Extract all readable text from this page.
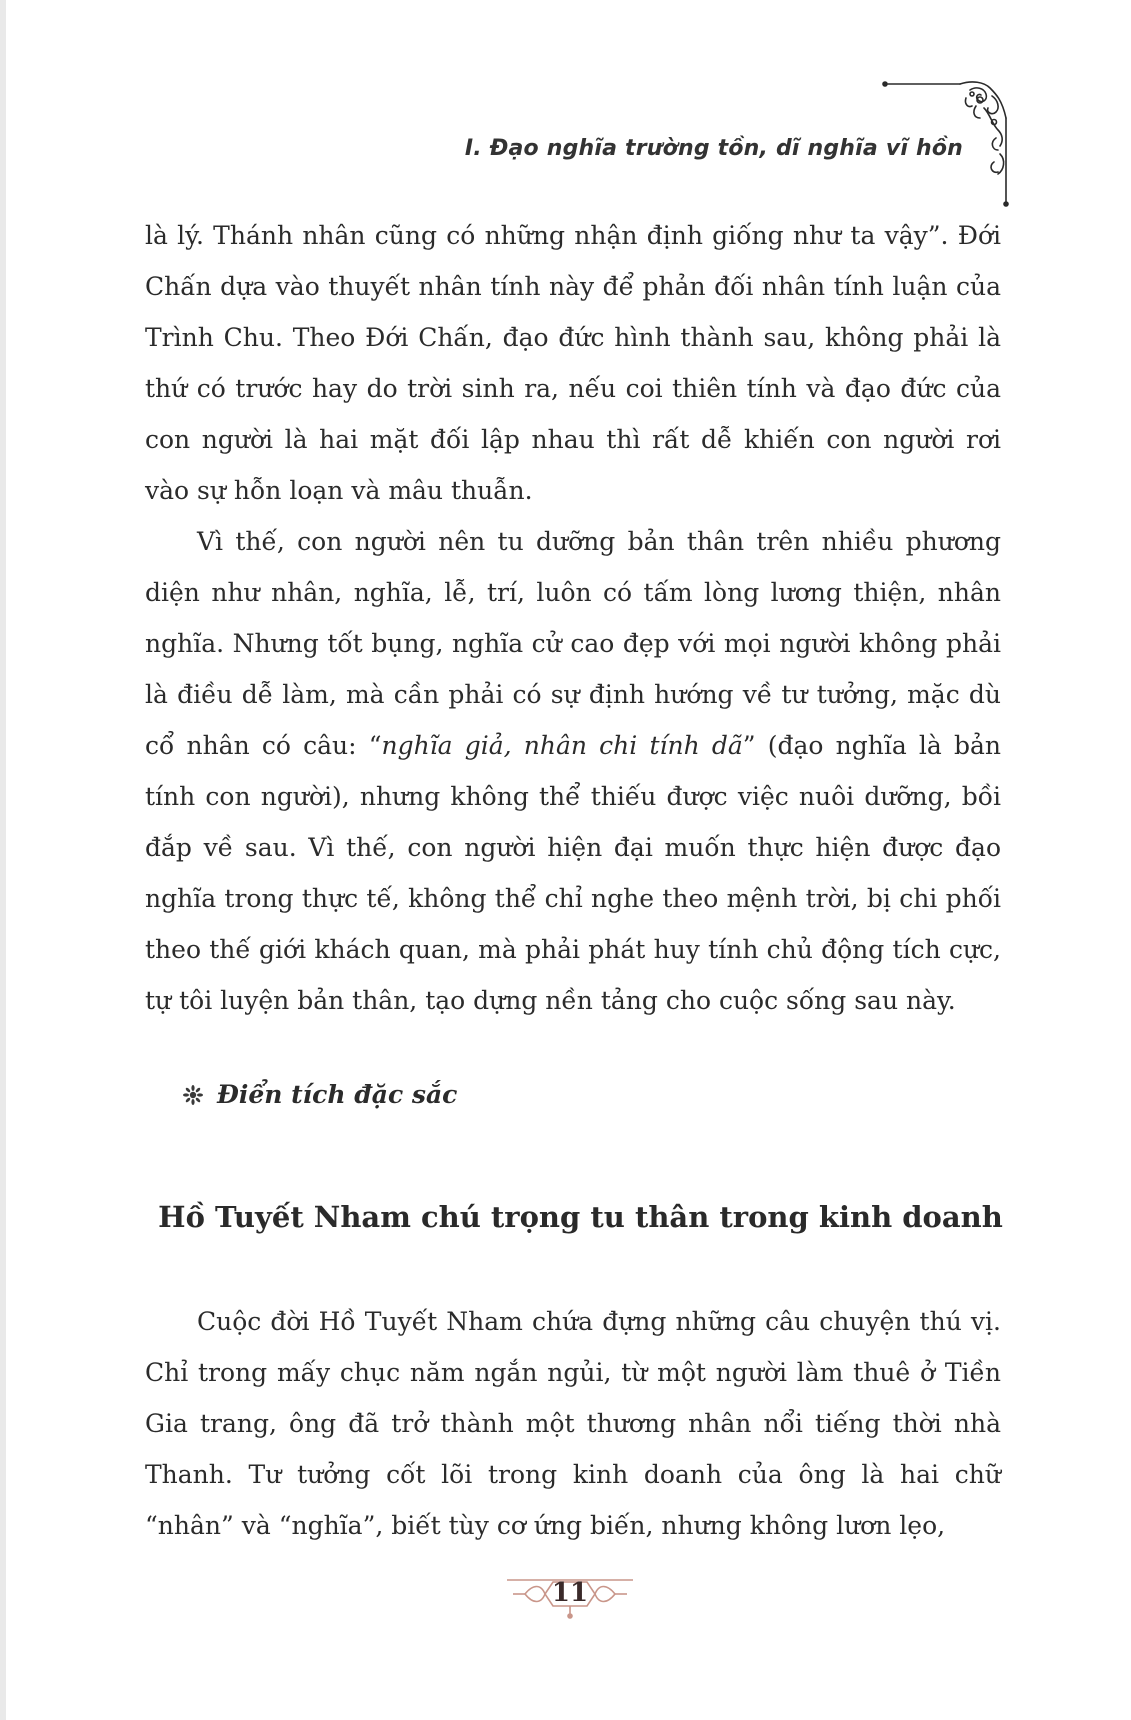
I. Đạo nghĩa trường tồn, dĩ nghĩa vĩ hồn

là lý. Thánh nhân cũng có những nhận định giống như ta vậy”. Đới Chấn dựa vào thuyết nhân tính này để phản đối nhân tính luận của Trình Chu. Theo Đới Chấn, đạo đức hình thành sau, không phải là thứ có trước hay do trời sinh ra, nếu coi thiên tính và đạo đức của con người là hai mặt đối lập nhau thì rất dễ khiến con người rơi vào sự hỗn loạn và mâu thuẫn.

Vì thế, con người nên tu dưỡng bản thân trên nhiều phương diện như nhân, nghĩa, lễ, trí, luôn có tấm lòng lương thiện, nhân nghĩa. Nhưng tốt bụng, nghĩa cử cao đẹp với mọi người không phải là điều dễ làm, mà cần phải có sự định hướng về tư tưởng, mặc dù cổ nhân có câu: “nghĩa giả, nhân chi tính dã” (đạo nghĩa là bản tính con người), nhưng không thể thiếu được việc nuôi dưỡng, bồi đắp về sau. Vì thế, con người hiện đại muốn thực hiện được đạo nghĩa trong thực tế, không thể chỉ nghe theo mệnh trời, bị chi phối theo thế giới khách quan, mà phải phát huy tính chủ động tích cực, tự tôi luyện bản thân, tạo dựng nền tảng cho cuộc sống sau này.

Điển tích đặc sắc
Hồ Tuyết Nham chú trọng tu thân trong kinh doanh

Cuộc đời Hồ Tuyết Nham chứa đựng những câu chuyện thú vị. Chỉ trong mấy chục năm ngắn ngủi, từ một người làm thuê ở Tiền Gia trang, ông đã trở thành một thương nhân nổi tiếng thời nhà Thanh. Tư tưởng cốt lõi trong kinh doanh của ông là hai chữ “nhân” và “nghĩa”, biết tùy cơ ứng biến, nhưng không lươn lẹo,

11
